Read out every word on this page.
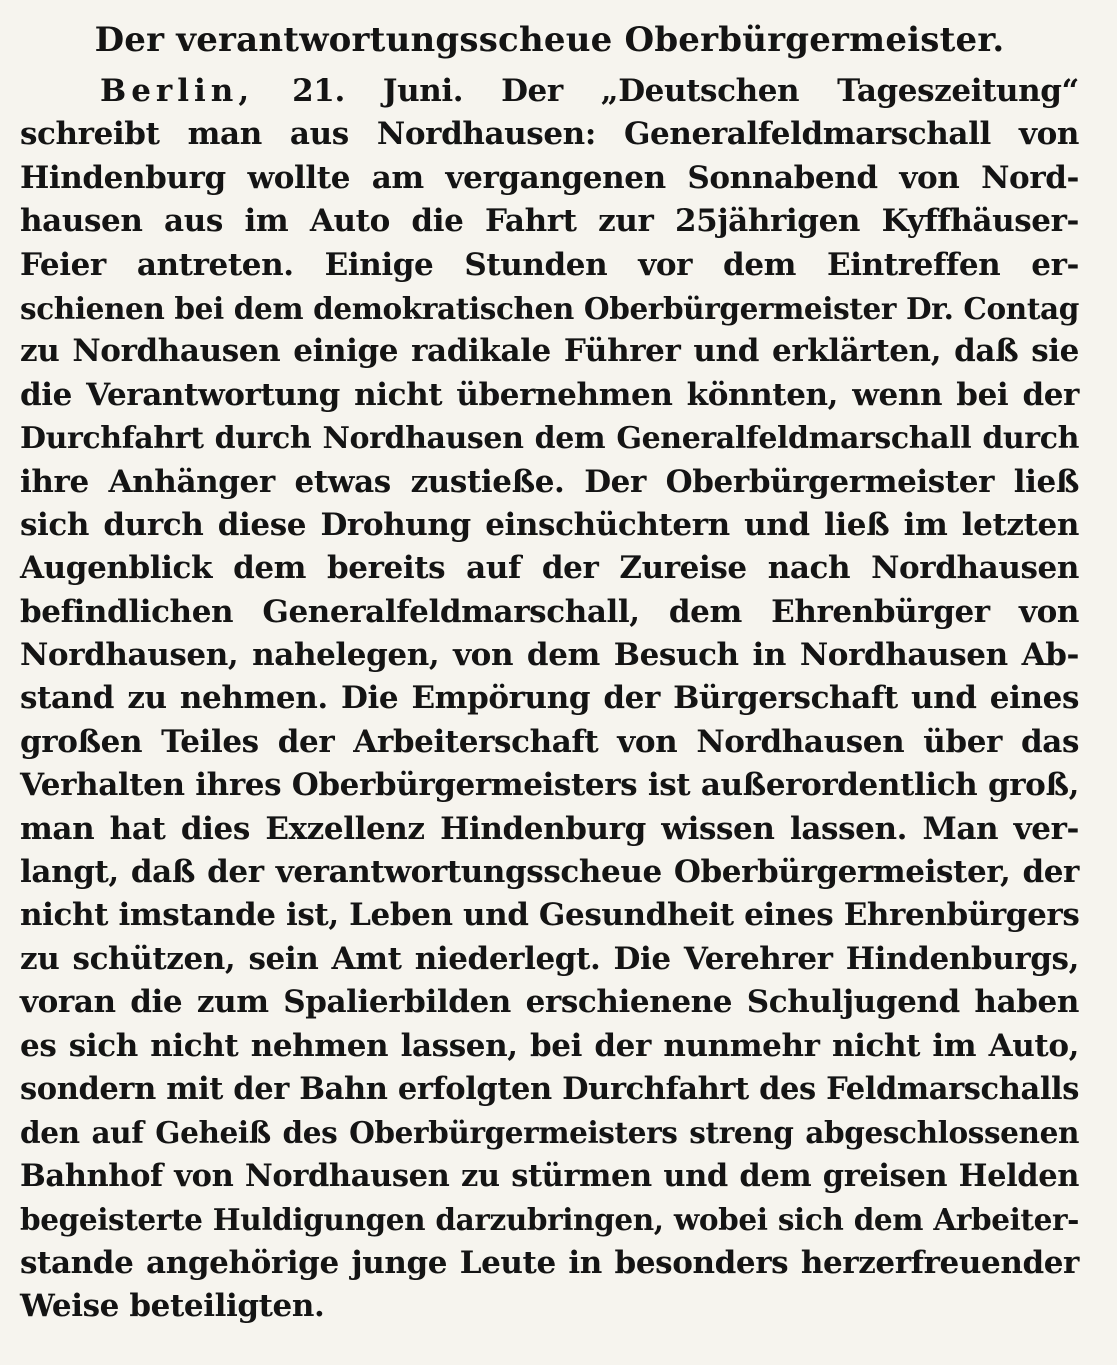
Der verantwortungsscheue Oberbürgermeister.
Berlin, 21. Juni. Der „Deutschen Tageszeitung“
schreibt man aus Nordhausen: Generalfeldmarschall von
Hindenburg wollte am vergangenen Sonnabend von Nord-
hausen aus im Auto die Fahrt zur 25jährigen Kyffhäuser-
Feier antreten. Einige Stunden vor dem Eintreffen er-
schienen bei dem demokratischen Oberbürgermeister Dr. Contag
zu Nordhausen einige radikale Führer und erklärten, daß sie
die Verantwortung nicht übernehmen könnten, wenn bei der
Durchfahrt durch Nordhausen dem Generalfeldmarschall durch
ihre Anhänger etwas zustieße. Der Oberbürgermeister ließ
sich durch diese Drohung einschüchtern und ließ im letzten
Augenblick dem bereits auf der Zureise nach Nordhausen
befindlichen Generalfeldmarschall, dem Ehrenbürger von
Nordhausen, nahelegen, von dem Besuch in Nordhausen Ab-
stand zu nehmen. Die Empörung der Bürgerschaft und eines
großen Teiles der Arbeiterschaft von Nordhausen über das
Verhalten ihres Oberbürgermeisters ist außerordentlich groß,
man hat dies Exzellenz Hindenburg wissen lassen. Man ver-
langt, daß der verantwortungsscheue Oberbürgermeister, der
nicht imstande ist, Leben und Gesundheit eines Ehrenbürgers
zu schützen, sein Amt niederlegt. Die Verehrer Hindenburgs,
voran die zum Spalierbilden erschienene Schuljugend haben
es sich nicht nehmen lassen, bei der nunmehr nicht im Auto,
sondern mit der Bahn erfolgten Durchfahrt des Feldmarschalls
den auf Geheiß des Oberbürgermeisters streng abgeschlossenen
Bahnhof von Nordhausen zu stürmen und dem greisen Helden
begeisterte Huldigungen darzubringen, wobei sich dem Arbeiter-
stande angehörige junge Leute in besonders herzerfreuender
Weise beteiligten.
